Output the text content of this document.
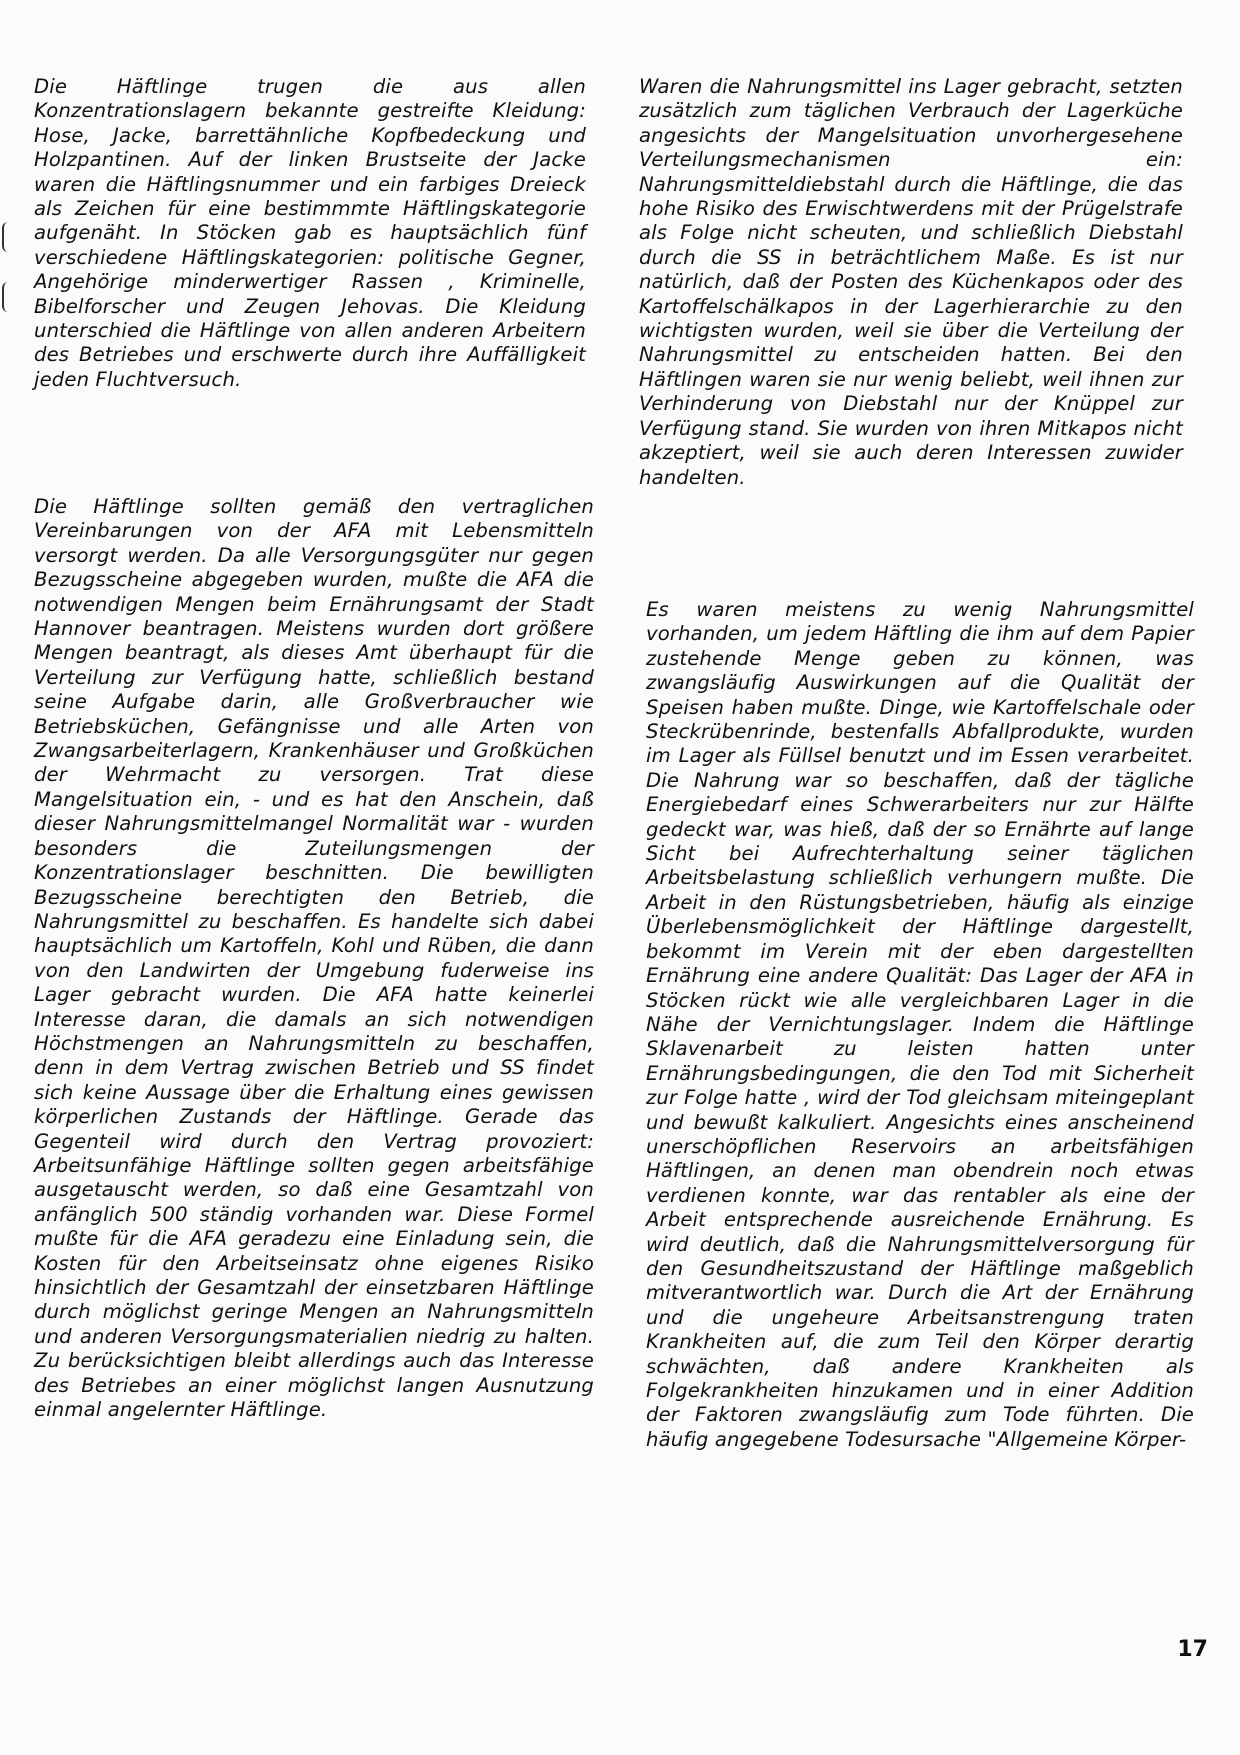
Die Häftlinge trugen die aus allen Konzentrationslagern bekannte gestreifte Kleidung: Hose, Jacke, barrettähnliche Kopfbedeckung und Holzpantinen. Auf der linken Brustseite der Jacke waren die Häftlingsnummer und ein farbiges Dreieck als Zeichen für eine bestimmmte Häftlingskategorie aufgenäht. In Stöcken gab es hauptsächlich fünf verschiedene Häftlingskategorien: politische Gegner, Angehörige minderwertiger Rassen , Kriminelle, Bibelforscher und Zeugen Jehovas. Die Kleidung unterschied die Häftlinge von allen anderen Arbeitern des Betriebes und erschwerte durch ihre Auffälligkeit jeden Fluchtversuch.

Die Häftlinge sollten gemäß den vertraglichen Vereinbarungen von der AFA mit Lebensmitteln versorgt werden. Da alle Versorgungsgüter nur gegen Bezugsscheine abgegeben wurden, mußte die AFA die notwendigen Mengen beim Ernährungsamt der Stadt Hannover beantragen. Meistens wurden dort größere Mengen beantragt, als dieses Amt überhaupt für die Verteilung zur Verfügung hatte, schließlich bestand seine Aufgabe darin, alle Großverbraucher wie Betriebsküchen, Gefängnisse und alle Arten von Zwangsarbeiterlagern, Krankenhäuser und Großküchen der Wehrmacht zu versorgen. Trat diese Mangelsituation ein, - und es hat den Anschein, daß dieser Nahrungsmittelmangel Normalität war - wurden besonders die Zuteilungsmengen der Konzentrationslager beschnitten. Die bewilligten Bezugsscheine berechtigten den Betrieb, die Nahrungsmittel zu beschaffen. Es handelte sich dabei hauptsächlich um Kartoffeln, Kohl und Rüben, die dann von den Landwirten der Umgebung fuderweise ins Lager gebracht wurden. Die AFA hatte keinerlei Interesse daran, die damals an sich notwendigen Höchstmengen an Nahrungsmitteln zu beschaffen, denn in dem Vertrag zwischen Betrieb und SS findet sich keine Aussage über die Erhaltung eines gewissen körperlichen Zustands der Häftlinge. Gerade das Gegenteil wird durch den Vertrag provoziert: Arbeitsunfähige Häftlinge sollten gegen arbeitsfähige ausgetauscht werden, so daß eine Gesamtzahl von anfänglich 500 ständig vorhanden war. Diese Formel mußte für die AFA geradezu eine Einladung sein, die Kosten für den Arbeitseinsatz ohne eigenes Risiko hinsichtlich der Gesamtzahl der einsetzbaren Häftlinge durch möglichst geringe Mengen an Nahrungsmitteln und anderen Versorgungsmaterialien niedrig zu halten. Zu berücksichtigen bleibt allerdings auch das Interesse des Betriebes an einer möglichst langen Ausnutzung einmal angelernter Häftlinge.

Waren die Nahrungsmittel ins Lager gebracht, setzten zusätzlich zum täglichen Verbrauch der Lagerküche angesichts der Mangelsituation unvorhergesehene Verteilungsmechanismen ein: Nahrungsmitteldiebstahl durch die Häftlinge, die das hohe Risiko des Erwischtwerdens mit der Prügelstrafe als Folge nicht scheuten, und schließlich Diebstahl durch die SS in beträchtlichem Maße. Es ist nur natürlich, daß der Posten des Küchenkapos oder des Kartoffelschälkapos in der Lagerhierarchie zu den wichtigsten wurden, weil sie über die Verteilung der Nahrungsmittel zu entscheiden hatten. Bei den Häftlingen waren sie nur wenig beliebt, weil ihnen zur Verhinderung von Diebstahl nur der Knüppel zur Verfügung stand. Sie wurden von ihren Mitkapos nicht akzeptiert, weil sie auch deren Interessen zuwider handelten.

Es waren meistens zu wenig Nahrungsmittel vorhanden, um jedem Häftling die ihm auf dem Papier zustehende Menge geben zu können, was zwangsläufig Auswirkungen auf die Qualität der Speisen haben mußte. Dinge, wie Kartoffelschale oder Steckrübenrinde, bestenfalls Abfallprodukte, wurden im Lager als Füllsel benutzt und im Essen verarbeitet. Die Nahrung war so beschaffen, daß der tägliche Energiebedarf eines Schwerarbeiters nur zur Hälfte gedeckt war, was hieß, daß der so Ernährte auf lange Sicht bei Aufrechterhaltung seiner täglichen Arbeitsbelastung schließlich verhungern mußte. Die Arbeit in den Rüstungsbetrieben, häufig als einzige Überlebensmöglichkeit der Häftlinge dargestellt, bekommt im Verein mit der eben dargestellten Ernährung eine andere Qualität: Das Lager der AFA in Stöcken rückt wie alle vergleichbaren Lager in die Nähe der Vernichtungslager. Indem die Häftlinge Sklavenarbeit zu leisten hatten unter Ernährungsbedingungen, die den Tod mit Sicherheit zur Folge hatte , wird der Tod gleichsam miteingeplant und bewußt kalkuliert. Angesichts eines anscheinend unerschöpflichen Reservoirs an arbeitsfähigen Häftlingen, an denen man obendrein noch etwas verdienen konnte, war das rentabler als eine der Arbeit entsprechende ausreichende Ernährung. Es wird deutlich, daß die Nahrungsmittelversorgung für den Gesundheitszustand der Häftlinge maßgeblich mitverantwortlich war. Durch die Art der Ernährung und die ungeheure Arbeitsanstrengung traten Krankheiten auf, die zum Teil den Körper derartig schwächten, daß andere Krankheiten als Folgekrankheiten hinzukamen und in einer Addition der Faktoren zwangsläufig zum Tode führten. Die häufig angegebene Todesursache "Allgemeine Körper-

17
